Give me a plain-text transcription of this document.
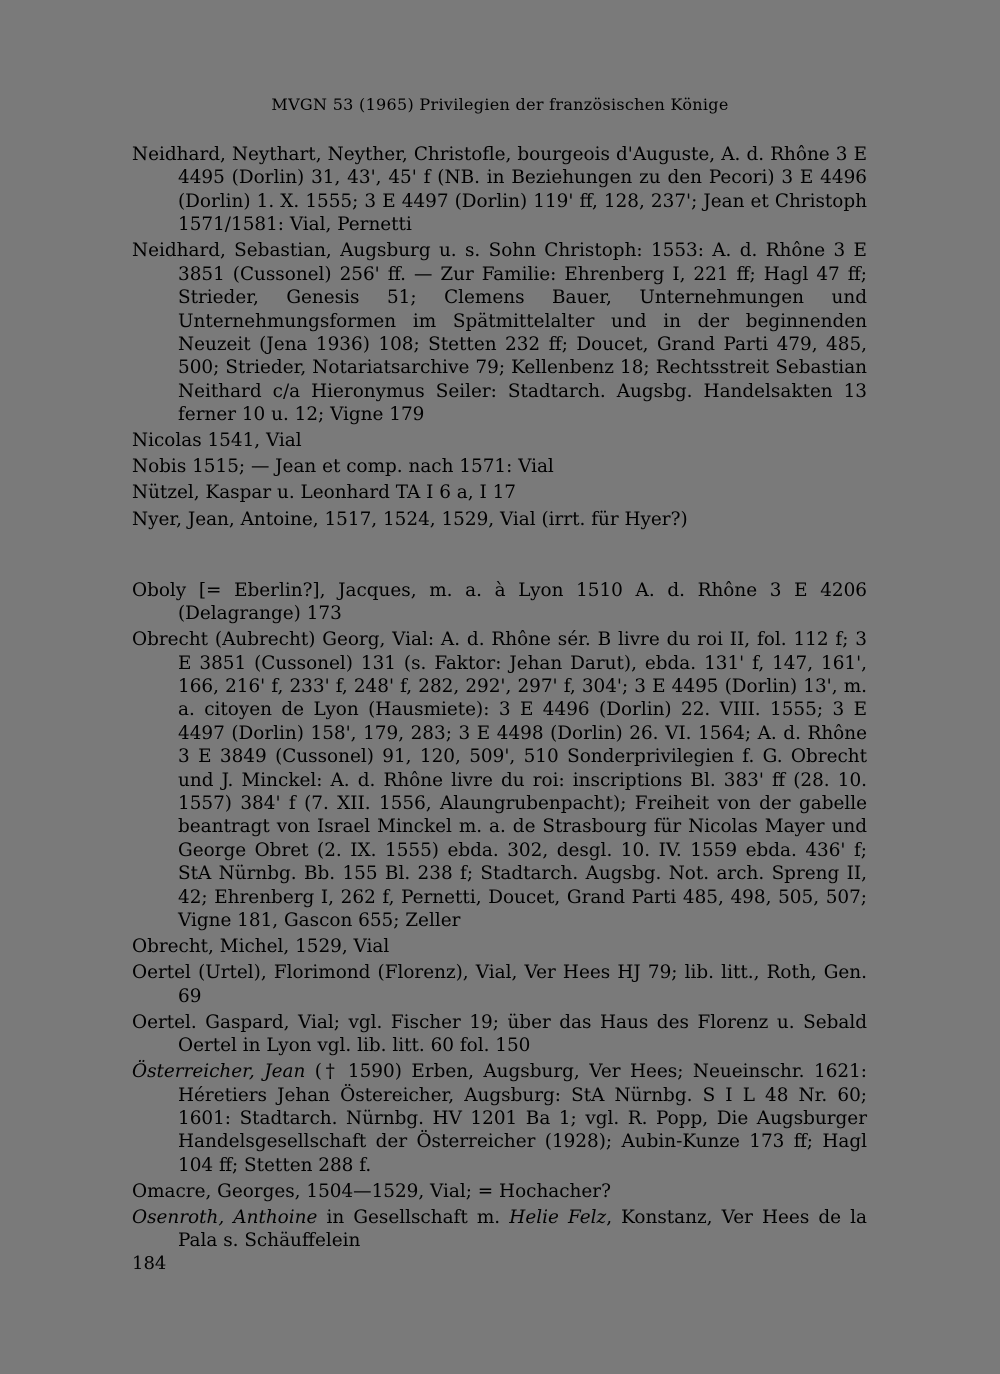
MVGN 53 (1965) Privilegien der französischen Könige

Neidhard, Neythart, Neyther, Christofle, bourgeois d'Auguste, A. d. Rhône 3 E 4495 (Dorlin) 31, 43', 45' f (NB. in Beziehungen zu den Pecori) 3 E 4496 (Dorlin) 1. X. 1555; 3 E 4497 (Dorlin) 119' ff, 128, 237'; Jean et Christoph 1571/1581: Vial, Pernetti

Neidhard, Sebastian, Augsburg u. s. Sohn Christoph: 1553: A. d. Rhône 3 E 3851 (Cussonel) 256' ff. — Zur Familie: Ehrenberg I, 221 ff; Hagl 47 ff; Strieder, Genesis 51; Clemens Bauer, Unternehmungen und Unternehmungsformen im Spätmittelalter und in der beginnenden Neuzeit (Jena 1936) 108; Stetten 232 ff; Doucet, Grand Parti 479, 485, 500; Strieder, Notariatsarchive 79; Kellenbenz 18; Rechtsstreit Sebastian Neithard c/a Hieronymus Seiler: Stadtarch. Augsbg. Handelsakten 13 ferner 10 u. 12; Vigne 179

Nicolas 1541, Vial

Nobis 1515; — Jean et comp. nach 1571: Vial

Nützel, Kaspar u. Leonhard TA I 6 a, I 17

Nyer, Jean, Antoine, 1517, 1524, 1529, Vial (irrt. für Hyer?)

Oboly [= Eberlin?], Jacques, m. a. à Lyon 1510 A. d. Rhône 3 E 4206 (Delagrange) 173

Obrecht (Aubrecht) Georg, Vial: A. d. Rhône sér. B livre du roi II, fol. 112 f; 3 E 3851 (Cussonel) 131 (s. Faktor: Jehan Darut), ebda. 131' f, 147, 161', 166, 216' f, 233' f, 248' f, 282, 292', 297' f, 304'; 3 E 4495 (Dorlin) 13', m. a. citoyen de Lyon (Hausmiete): 3 E 4496 (Dorlin) 22. VIII. 1555; 3 E 4497 (Dorlin) 158', 179, 283; 3 E 4498 (Dorlin) 26. VI. 1564; A. d. Rhône 3 E 3849 (Cussonel) 91, 120, 509', 510 Sonderprivilegien f. G. Obrecht und J. Minckel: A. d. Rhône livre du roi: inscriptions Bl. 383' ff (28. 10. 1557) 384' f (7. XII. 1556, Alaungrubenpacht); Freiheit von der gabelle beantragt von Israel Minckel m. a. de Strasbourg für Nicolas Mayer und George Obret (2. IX. 1555) ebda. 302, desgl. 10. IV. 1559 ebda. 436' f; StA Nürnbg. Bb. 155 Bl. 238 f; Stadtarch. Augsbg. Not. arch. Spreng II, 42; Ehrenberg I, 262 f, Pernetti, Doucet, Grand Parti 485, 498, 505, 507; Vigne 181, Gascon 655; Zeller

Obrecht, Michel, 1529, Vial

Oertel (Urtel), Florimond (Florenz), Vial, Ver Hees HJ 79; lib. litt., Roth, Gen. 69

Oertel. Gaspard, Vial; vgl. Fischer 19; über das Haus des Florenz u. Sebald Oertel in Lyon vgl. lib. litt. 60 fol. 150

Österreicher, Jean († 1590) Erben, Augsburg, Ver Hees; Neueinschr. 1621: Héretiers Jehan Östereicher, Augsburg: StA Nürnbg. S I L 48 Nr. 60; 1601: Stadtarch. Nürnbg. HV 1201 Ba 1; vgl. R. Popp, Die Augsburger Handelsgesellschaft der Österreicher (1928); Aubin-Kunze 173 ff; Hagl 104 ff; Stetten 288 f.

Omacre, Georges, 1504—1529, Vial; = Hochacher?

Osenroth, Anthoine in Gesellschaft m. Helie Felz, Konstanz, Ver Hees de la Pala s. Schäuffelein

184
